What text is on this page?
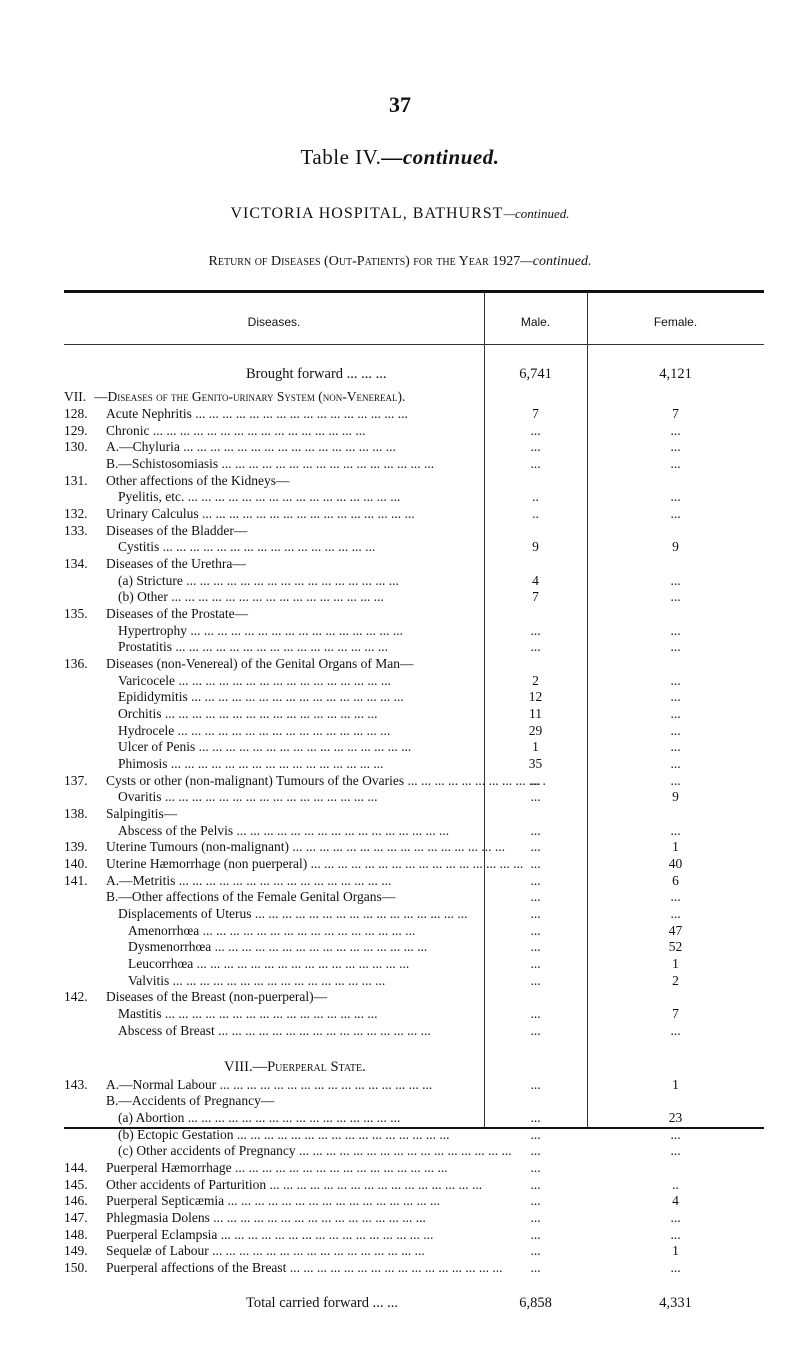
37
Table IV.—continued.
VICTORIA HOSPITAL, BATHURST—continued.
Return of Diseases (Out-Patients) for the Year 1927—continued.
Diseases.	Male.	Female.
Brought forward ... ... ...	6,741	4,121
VII. —Diseases of the Genito-urinary System (non-Venereal).
128.	Acute Nephritis ...	7	7
129.	Chronic ...	...	...
130.	A.—Chyluria ...	...	...
B.—Schistosomiasis ...	...	...
131.	Other affections of the Kidneys—
Pyelitis, etc. ...	..	...
132.	Urinary Calculus ...	..	...
133.	Diseases of the Bladder—
Cystitis ...	9	9
134.	Diseases of the Urethra—
(a) Stricture ...	4	...
(b) Other ...	7	...
135.	Diseases of the Prostate—
Hypertrophy ...	...	...
Prostatitis ...	...	...
136.	Diseases (non-Venereal) of the Genital Organs of Man—
Varicocele ...	2	...
Epididymitis ...	12	...
Orchitis ...	11	...
Hydrocele ...	29	...
Ulcer of Penis ...	1	...
Phimosis ...	35	...
137.	Cysts or other (non-malignant) Tumours of the Ovaries ...	...	...
Ovaritis ...	...	9
138.	Salpingitis—
Abscess of the Pelvis ...	...	...
139.	Uterine Tumours (non-malignant) ...	...	1
140.	Uterine Hæmorrhage (non puerperal) ...	...	40
141.	A.—Metritis ...	...	6
B.—Other affections of the Female Genital Organs—	...	...
Displacements of Uterus ...	...	...
Amenorrhœa ...	...	47
Dysmenorrhœa ...	...	52
Leucorrhœa ...	...	1
Valvitis ...	...	2
142.	Diseases of the Breast (non-puerperal)—
Mastitis ...	...	7
Abscess of Breast ...	...	...
VIII.—Puerperal State.
143.	A.—Normal Labour ...	...	1
B.—Accidents of Pregnancy—
(a) Abortion ...	...	23
(b) Ectopic Gestation ...	...	...
(c) Other accidents of Pregnancy ...	...	...
144.	Puerperal Hæmorrhage ...	...
145.	Other accidents of Parturition ...	...	..
146.	Puerperal Septicæmia ...	...	4
147.	Phlegmasia Dolens ...	...	...
148.	Puerperal Eclampsia ...	...	...
149.	Sequelæ of Labour ...	...	1
150.	Puerperal affections of the Breast ...	...	...
Total carried forward ... ...	6,858	4,331
